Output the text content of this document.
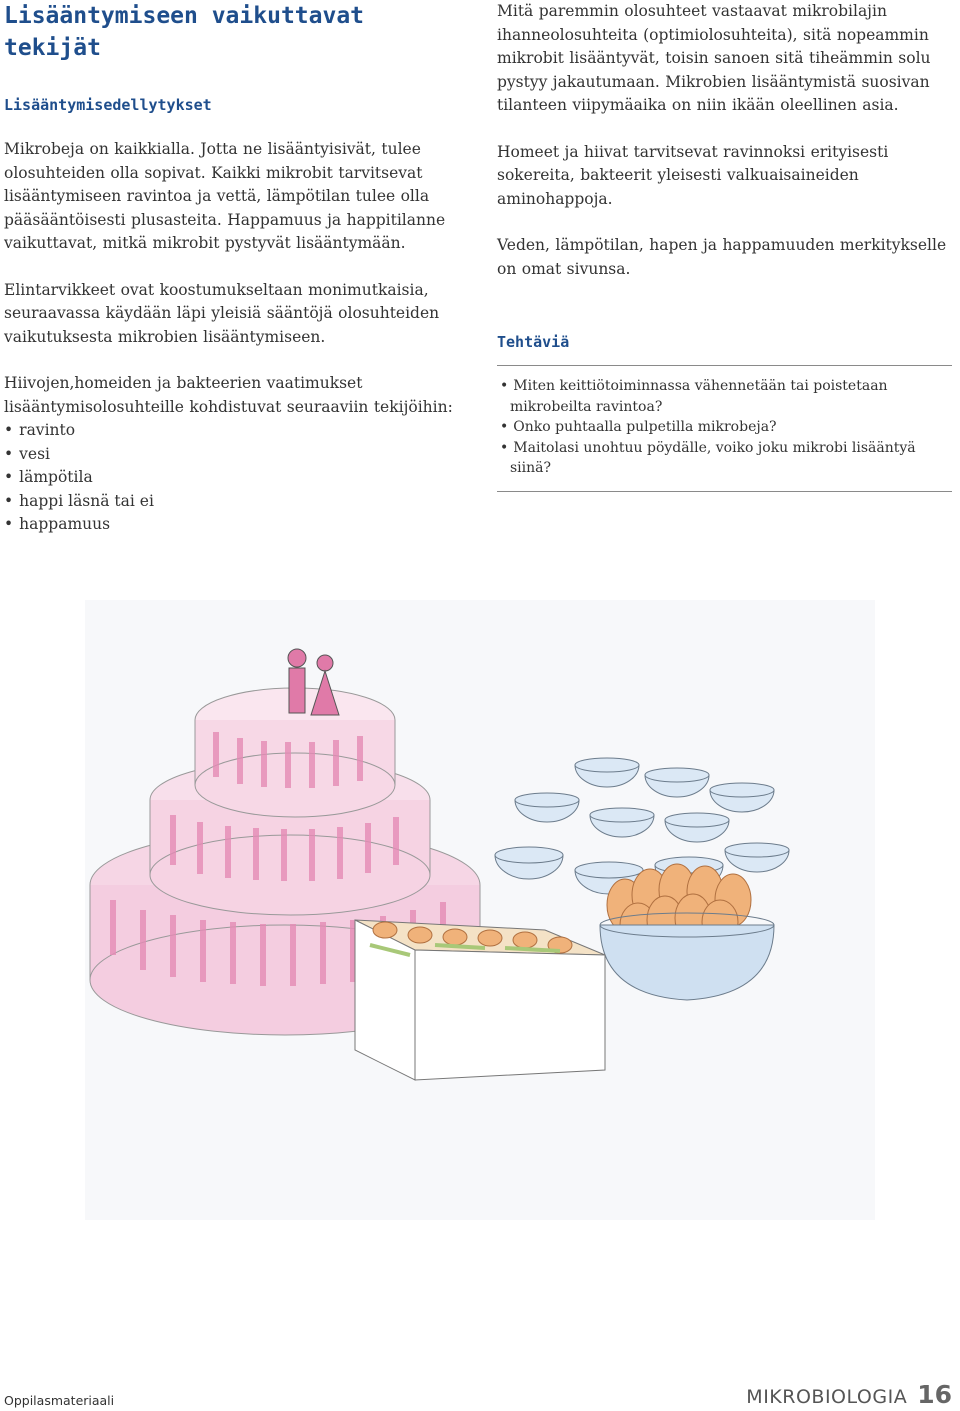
Lisääntymiseen vaikuttavat tekijät
Lisääntymisedellytykset

Mikrobeja on kaikkialla. Jotta ne lisääntyisivät, tulee olosuhteiden olla sopivat. Kaikki mikrobit tarvitsevat lisääntymiseen ravintoa ja vettä, lämpötilan tulee olla pääsääntöisesti plusasteita. Happamuus ja happitilanne vaikuttavat, mitkä mikrobit pystyvät lisääntymään.

Elintarvikkeet ovat koostumukseltaan monimutkaisia, seuraavassa käydään läpi yleisiä sääntöjä olosuhteiden vaikutuksesta mikrobien lisääntymiseen.

Hiivojen,homeiden ja bakteerien vaatimukset lisääntymisolosuhteille kohdistuvat seuraaviin tekijöihin:

• ravinto
• vesi
• lämpötila
• happi läsnä tai ei
• happamuus

Mitä paremmin olosuhteet vastaavat mikrobilajin ihanneolosuhteita (optimiolosuhteita), sitä nopeammin mikrobit lisääntyvät, toisin sanoen sitä tiheämmin solu pystyy jakautumaan. Mikrobien lisääntymistä suosivan tilanteen viipymäaika on niin ikään oleellinen asia.

Homeet ja hiivat tarvitsevat ravinnoksi erityisesti sokereita, bakteerit yleisesti valkuaisaineiden aminohappoja.

Veden, lämpötilan, hapen ja happamuuden merkitykselle on omat sivunsa.

Tehtäviä
• Miten keittiötoiminnassa vähennetään tai poistetaan mikrobeilta ravintoa?
• Onko puhtaalla pulpetilla mikrobeja?
• Maitolasi unohtuu pöydälle, voiko joku mikrobi lisääntyä siinä?
Oppilasmateriaali	MIKROBIOLOGIA 16
